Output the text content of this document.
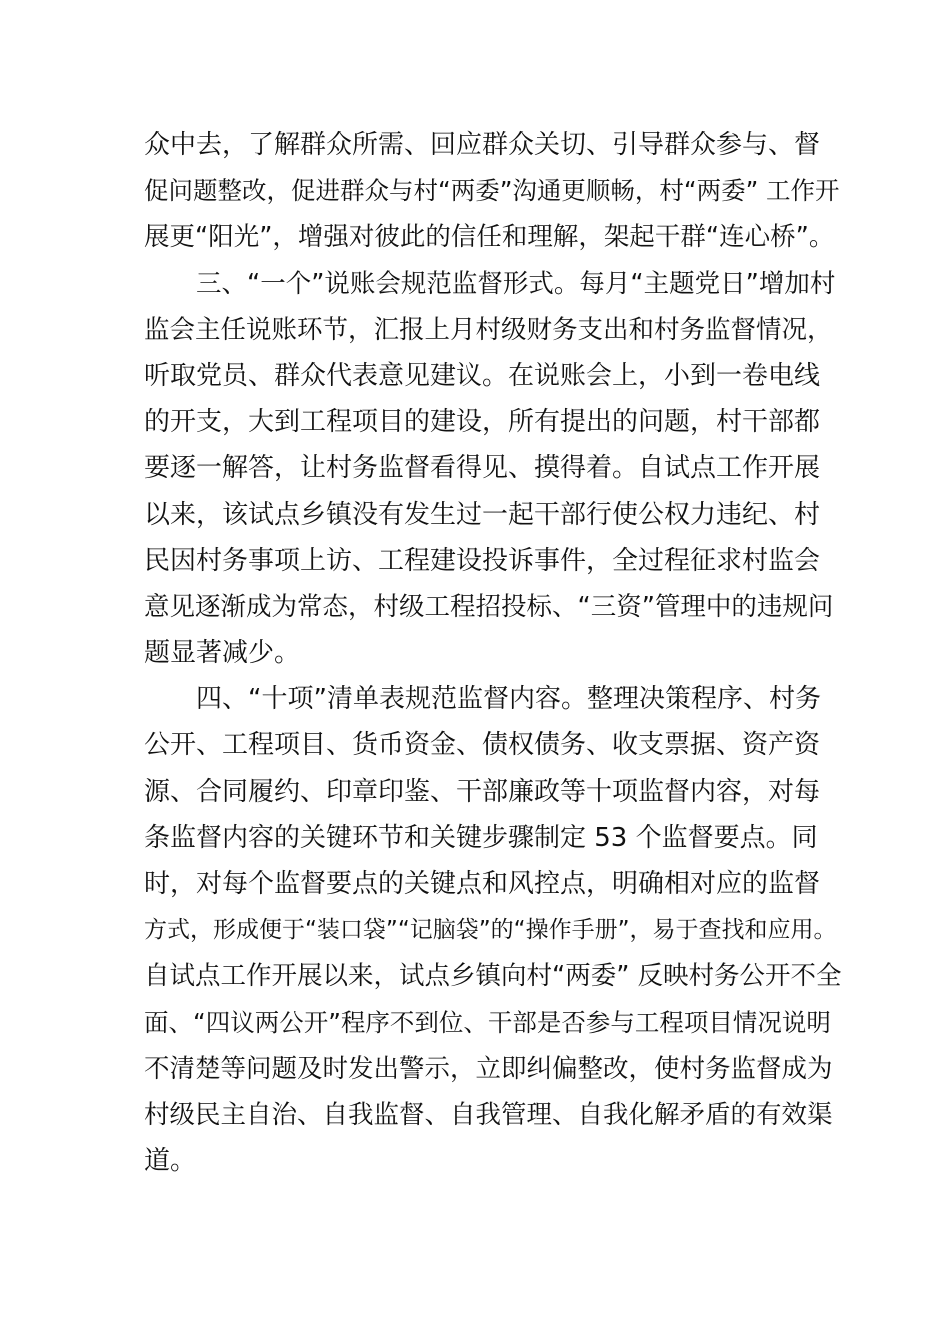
众中去，了解群众所需、回应群众关切、引导群众参与、督
促问题整改，促进群众与村“两委”沟通更顺畅，村“两委” 工作开
展更“阳光”，增强对彼此的信任和理解，架起干群“连心桥”。
三、“一个”说账会规范监督形式。每月“主题党日”增加村
监会主任说账环节，汇报上月村级财务支出和村务监督情况，
听取党员、群众代表意见建议。在说账会上，小到一卷电线
的开支，大到工程项目的建设，所有提出的问题，村干部都
要逐一解答，让村务监督看得见、摸得着。自试点工作开展
以来，该试点乡镇没有发生过一起干部行使公权力违纪、村
民因村务事项上访、工程建设投诉事件，全过程征求村监会
意见逐渐成为常态，村级工程招投标、“三资”管理中的违规问
题显著减少。
四、“十项”清单表规范监督内容。整理决策程序、村务
公开、工程项目、货币资金、债权债务、收支票据、资产资
源、合同履约、印章印鉴、干部廉政等十项监督内容，对每
条监督内容的关键环节和关键步骤制定 53 个监督要点。同
时，对每个监督要点的关键点和风控点，明确相对应的监督
方式，形成便于“装口袋”“记脑袋”的“操作手册”，易于查找和应用。
自试点工作开展以来，试点乡镇向村“两委” 反映村务公开不全
面、“四议两公开”程序不到位、干部是否参与工程项目情况说明
不清楚等问题及时发出警示，立即纠偏整改，使村务监督成为
村级民主自治、自我监督、自我管理、自我化解矛盾的有效渠
道。
